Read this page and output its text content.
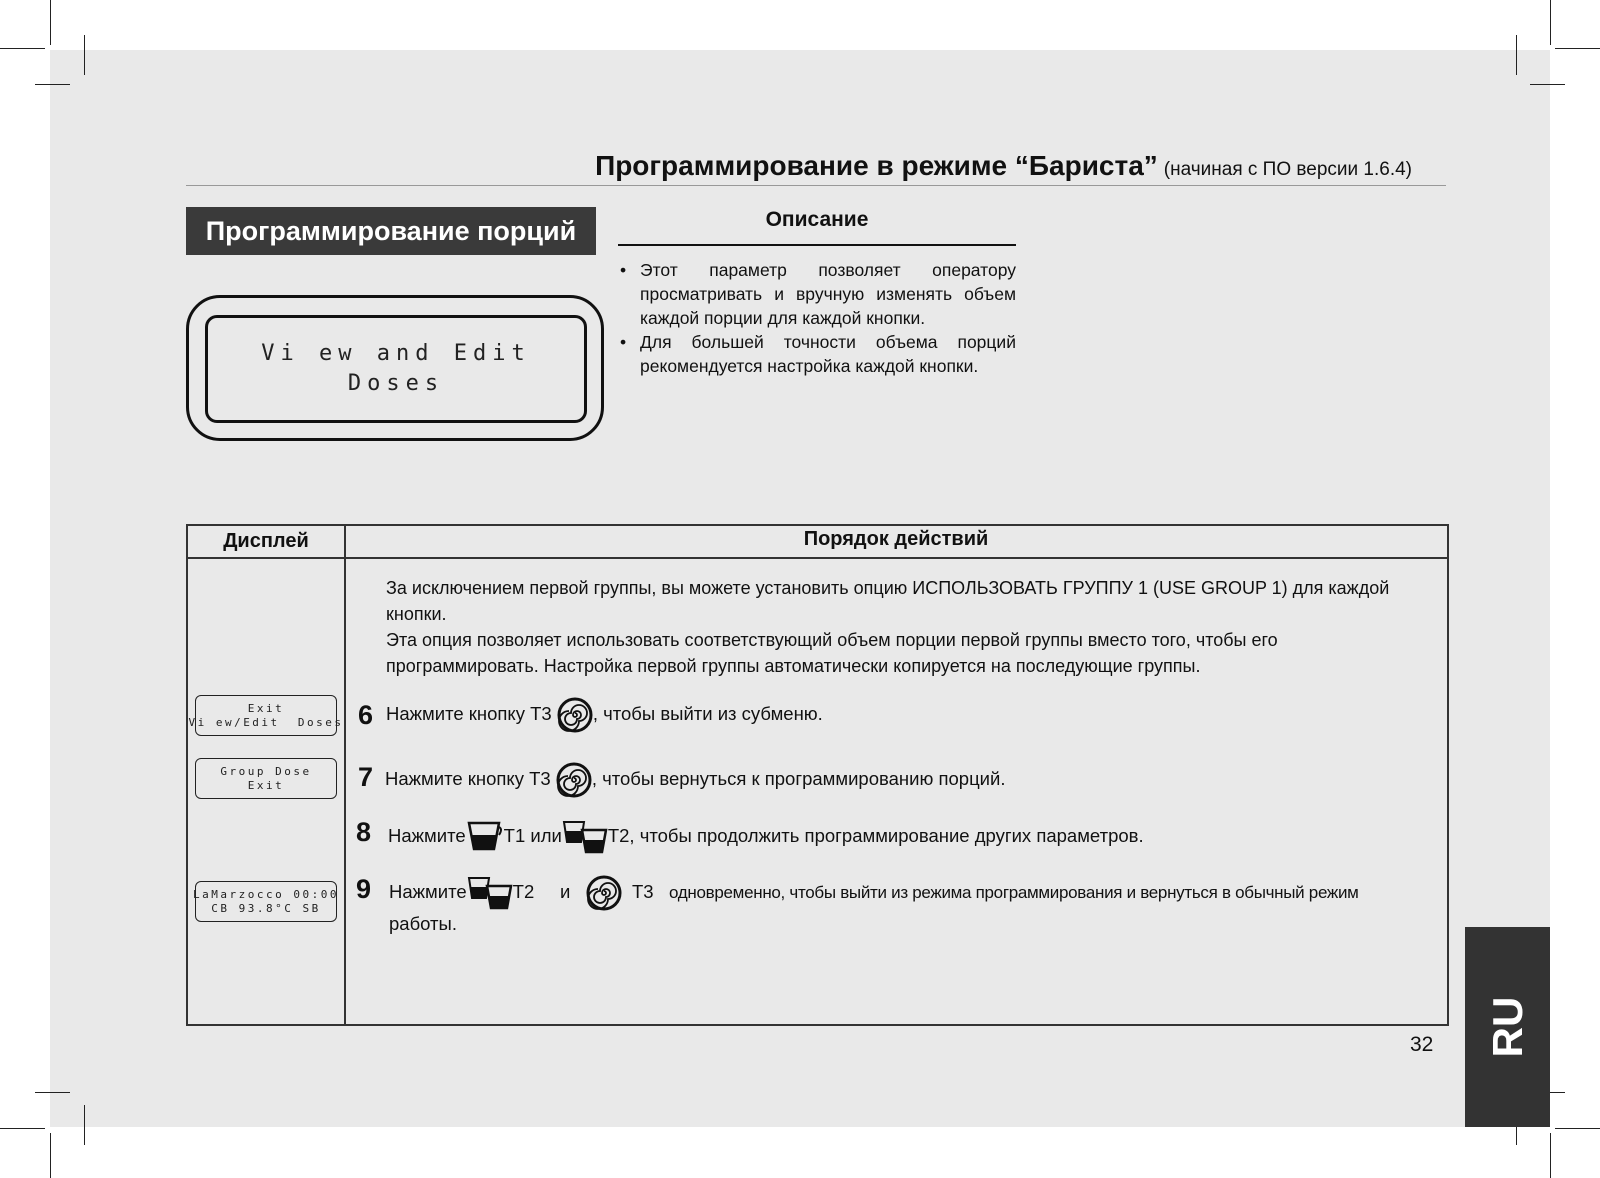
Программирование в режиме “Бариста” (начиная с ПО версии 1.6.4)
Программирование порций
Vi ew and Edit
Doses
Описание
• Этот параметр позволяет оператору просматривать и вручную изменять объем каждой порции для каждой кнопки.
• Для большей точности объема порций рекомендуется настройка каждой кнопки.
Дисплей	Порядок действий
За исключением первой группы, вы можете установить опцию ИСПОЛЬЗОВАТЬ ГРУППУ 1 (USE GROUP 1) для каждой кнопки.
Эта опция позволяет использовать соответствующий объем порции первой группы вместо того, чтобы его программировать. Настройка первой группы автоматически копируется на последующие группы.
Exit
Vi ew/Edit  Doses
Group Dose
Exit
LaMarzocco 00:00
CB 93.8°C SB
6 Нажмите кнопку Т3 , чтобы выйти из субменю.
7 Нажмите кнопку Т3 , чтобы вернуться к программированию порций.
8 Нажмите Т1 или Т2, чтобы продолжить программирование других параметров.
9 Нажмите Т2 и	Т3 одновременно, чтобы выйти из режима программирования и вернуться в обычный режим
работы.
32 RU
